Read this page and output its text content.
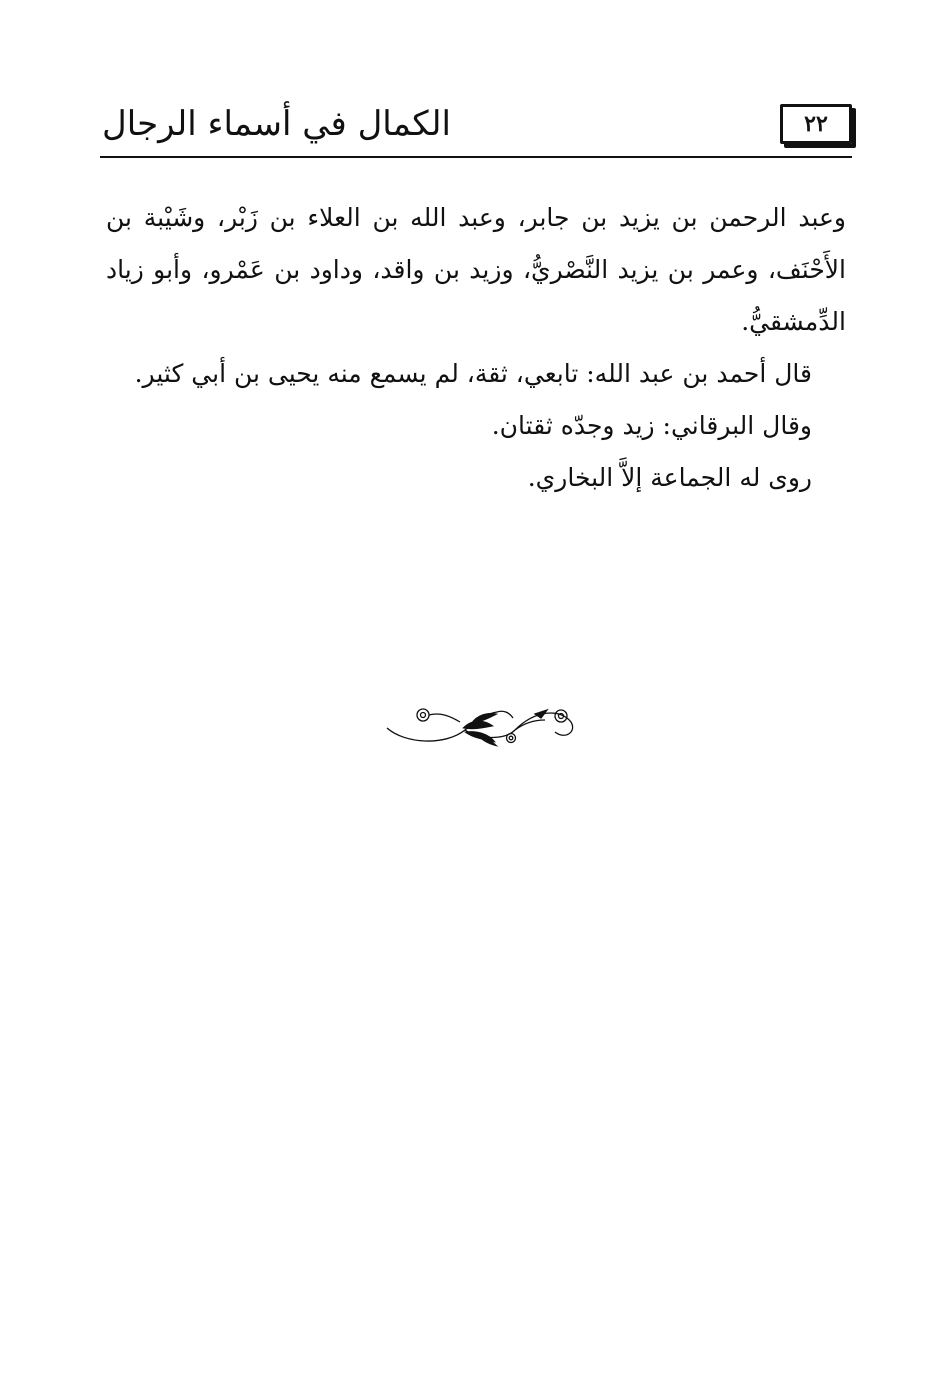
الكمال في أسماء الرجال	٢٢

وعبد الرحمن بن يزيد بن جابر، وعبد الله بن العلاء بن زَبْر، وشَيْبة بن الأَحْنَف، وعمر بن يزيد النَّصْريُّ، وزيد بن واقد، وداود بن عَمْرو، وأبو زياد الدِّمشقيُّ.

قال أحمد بن عبد الله: تابعي، ثقة، لم يسمع منه يحيى بن أبي كثير.

وقال البرقاني: زيد وجدّه ثقتان.

روى له الجماعة إلاَّ البخاري.
